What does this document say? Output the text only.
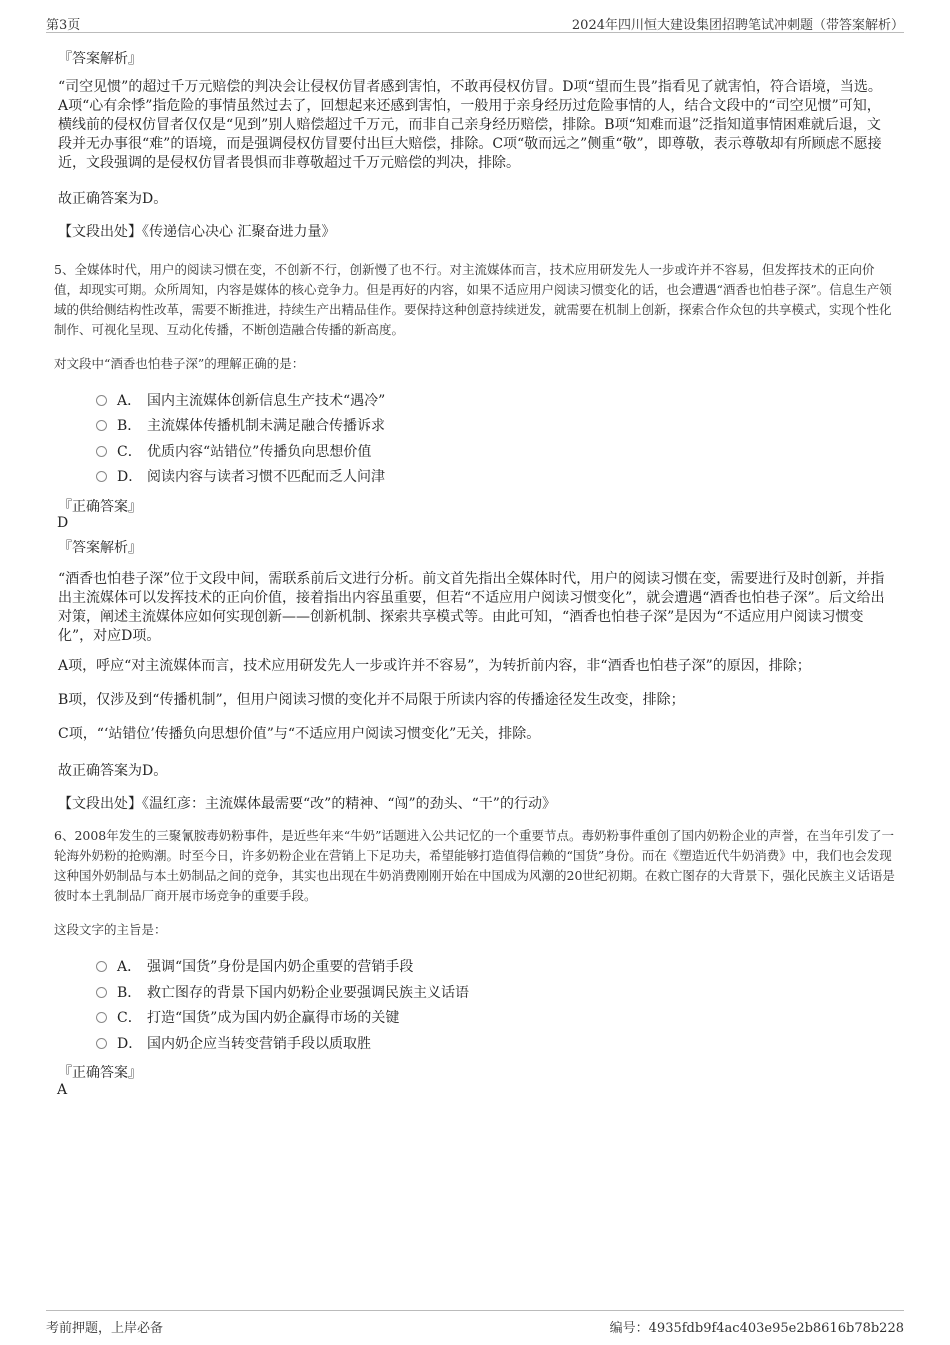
第3页	2024年四川恒大建设集团招聘笔试冲刺题（带答案解析）
『答案解析』
“司空见惯”的超过千万元赔偿的判决会让侵权仿冒者感到害怕，不敢再侵权仿冒。D项“望而生畏”指看见了就害怕，符合语境，当选。A项“心有余悸”指危险的事情虽然过去了，回想起来还感到害怕，一般用于亲身经历过危险事情的人，结合文段中的“司空见惯”可知，横线前的侵权仿冒者仅仅是“见到”别人赔偿超过千万元，而非自己亲身经历赔偿，排除。B项“知难而退”泛指知道事情困难就后退，文段并无办事很“难”的语境，而是强调侵权仿冒要付出巨大赔偿，排除。C项“敬而远之”侧重“敬”，即尊敬，表示尊敬却有所顾虑不愿接近，文段强调的是侵权仿冒者畏惧而非尊敬超过千万元赔偿的判决，排除。
故正确答案为D。
【文段出处】《传递信心决心 汇聚奋进力量》
5、全媒体时代，用户的阅读习惯在变，不创新不行，创新慢了也不行。对主流媒体而言，技术应用研发先人一步或许并不容易，但发挥技术的正向价值，却现实可期。众所周知，内容是媒体的核心竞争力。但是再好的内容，如果不适应用户阅读习惯变化的话，也会遭遇“酒香也怕巷子深”。信息生产领域的供给侧结构性改革，需要不断推进，持续生产出精品佳作。要保持这种创意持续迸发，就需要在机制上创新，探索合作众包的共享模式，实现个性化制作、可视化呈现、互动化传播，不断创造融合传播的新高度。
对文段中“酒香也怕巷子深”的理解正确的是：
A． 国内主流媒体创新信息生产技术“遇冷”
B． 主流媒体传播机制未满足融合传播诉求
C． 优质内容“站错位”传播负向思想价值
D． 阅读内容与读者习惯不匹配而乏人问津
『正确答案』
D
『答案解析』
“酒香也怕巷子深”位于文段中间，需联系前后文进行分析。前文首先指出全媒体时代，用户的阅读习惯在变，需要进行及时创新，并指出主流媒体可以发挥技术的正向价值，接着指出内容虽重要，但若“不适应用户阅读习惯变化”，就会遭遇“酒香也怕巷子深”。后文给出对策，阐述主流媒体应如何实现创新——创新机制、探索共享模式等。由此可知，“酒香也怕巷子深”是因为“不适应用户阅读习惯变化”，对应D项。
A项，呼应“对主流媒体而言，技术应用研发先人一步或许并不容易”，为转折前内容，非“酒香也怕巷子深”的原因，排除；
B项，仅涉及到“传播机制”，但用户阅读习惯的变化并不局限于所读内容的传播途径发生改变，排除；
C项，“‘站错位’传播负向思想价值”与“不适应用户阅读习惯变化”无关，排除。
故正确答案为D。
【文段出处】《温红彦：主流媒体最需要“改”的精神、“闯”的劲头、“干”的行动》
6、2008年发生的三聚氰胺毒奶粉事件，是近些年来“牛奶”话题进入公共记忆的一个重要节点。毒奶粉事件重创了国内奶粉企业的声誉，在当年引发了一轮海外奶粉的抢购潮。时至今日，许多奶粉企业在营销上下足功夫，希望能够打造值得信赖的“国货”身份。而在《塑造近代牛奶消费》中，我们也会发现这种国外奶制品与本土奶制品之间的竞争，其实也出现在牛奶消费刚刚开始在中国成为风潮的20世纪初期。在救亡图存的大背景下，强化民族主义话语是彼时本土乳制品厂商开展市场竞争的重要手段。
这段文字的主旨是：
A． 强调“国货”身份是国内奶企重要的营销手段
B． 救亡图存的背景下国内奶粉企业要强调民族主义话语
C． 打造“国货”成为国内奶企赢得市场的关键
D． 国内奶企应当转变营销手段以质取胜
『正确答案』
A
考前押题，上岸必备	编号：4935fdb9f4ac403e95e2b8616b78b228
